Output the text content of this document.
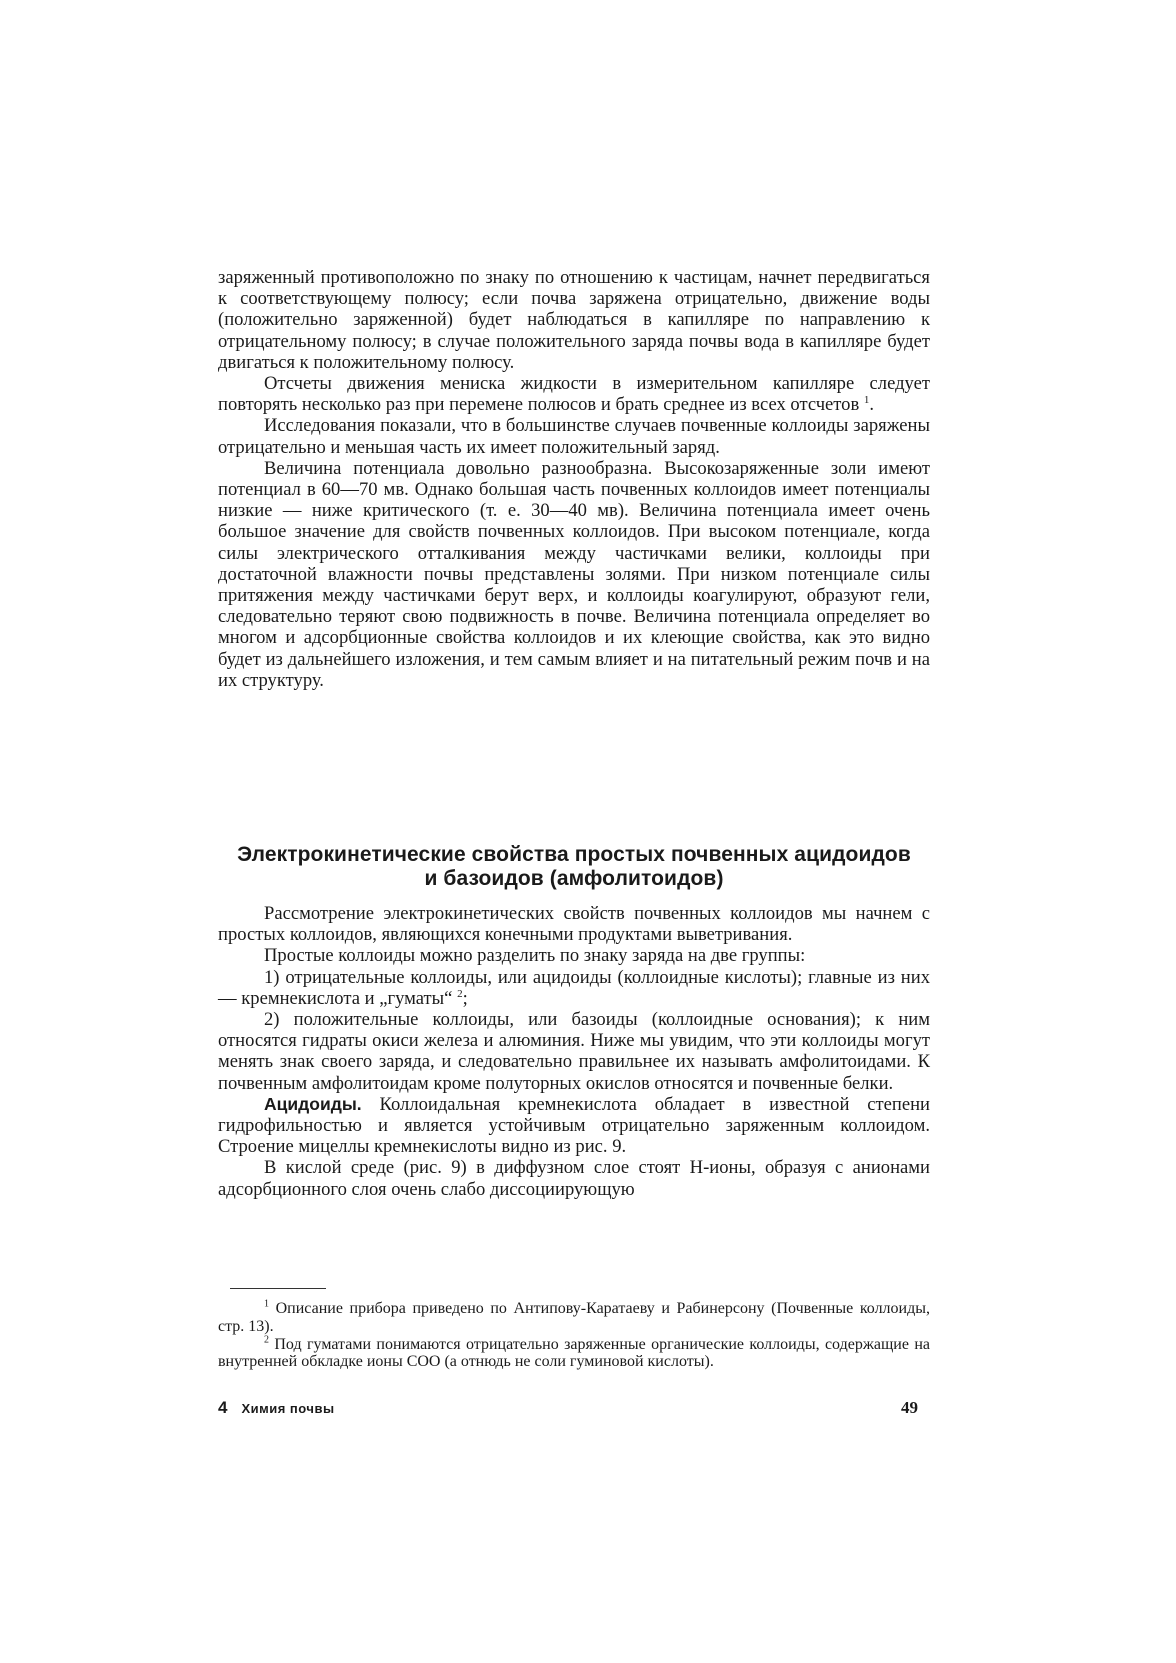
заряженный противоположно по знаку по отношению к частицам, начнет передвигаться к соответствующему полюсу; если почва заряжена отрицательно, движение воды (положительно заряженной) будет наблюдаться в капилляре по направлению к отрицательному полюсу; в случае положительного заряда почвы вода в капилляре будет двигаться к положительному полюсу.

Отсчеты движения мениска жидкости в измерительном капилляре следует повторять несколько раз при перемене полюсов и брать среднее из всех отсчетов $^1$.

Исследования показали, что в большинстве случаев почвенные коллоиды заряжены отрицательно и меньшая часть их имеет положительный заряд.

Величина потенциала довольно разнообразна. Высокозаряженные золи имеют потенциал в 60—70 мв. Однако большая часть почвенных коллоидов имеет потенциалы низкие — ниже критического (т. е. 30—40 мв). Величина потенциала имеет очень большое значение для свойств почвенных коллоидов. При высоком потенциале, когда силы электрического отталкивания между частичками велики, коллоиды при достаточной влажности почвы представлены золями. При низком потенциале силы притяжения между частичками берут верх, и коллоиды коагулируют, образуют гели, следовательно теряют свою подвижность в почве. Величина потенциала определяет во многом и адсорбционные свойства коллоидов и их клеющие свойства, как это видно будет из дальнейшего изложения, и тем самым влияет и на питательный режим почв и на их структуру.

Электрокинетические свойства простых почвенных ацидоидов
и базоидов (амфолитоидов)

Рассмотрение электрокинетических свойств почвенных коллоидов мы начнем с простых коллоидов, являющихся конечными продуктами выветривания.

Простые коллоиды можно разделить по знаку заряда на две группы:

1) отрицательные коллоиды, или ацидоиды (коллоидные кислоты); главные из них — кремнекислота и „гуматы“ $^2$;

2) положительные коллоиды, или базоиды (коллоидные основания); к ним относятся гидраты окиси железа и алюминия. Ниже мы увидим, что эти коллоиды могут менять знак своего заряда, и следовательно правильнее их называть амфолитоидами. К почвенным амфолитоидам кроме полуторных окислов относятся и почвенные белки.

Ацидоиды. Коллоидальная кремнекислота обладает в известной степени гидрофильностью и является устойчивым отрицательно заряженным коллоидом. Строение мицеллы кремнекислоты видно из рис. 9.

В кислой среде (рис. 9) в диффузном слое стоят Н-ионы, образуя с анионами адсорбционного слоя очень слабо диссоциирующую

$^1$ Описание прибора приведено по Антипову-Каратаеву и Рабинерсону (Почвенные коллоиды, стр. 13).

$^2$ Под гуматами понимаются отрицательно заряженные органические коллоиды, содержащие на внутренней обкладке ионы СОО (а отнюдь не соли гуминовой кислоты).

4 Химия почвы	49
